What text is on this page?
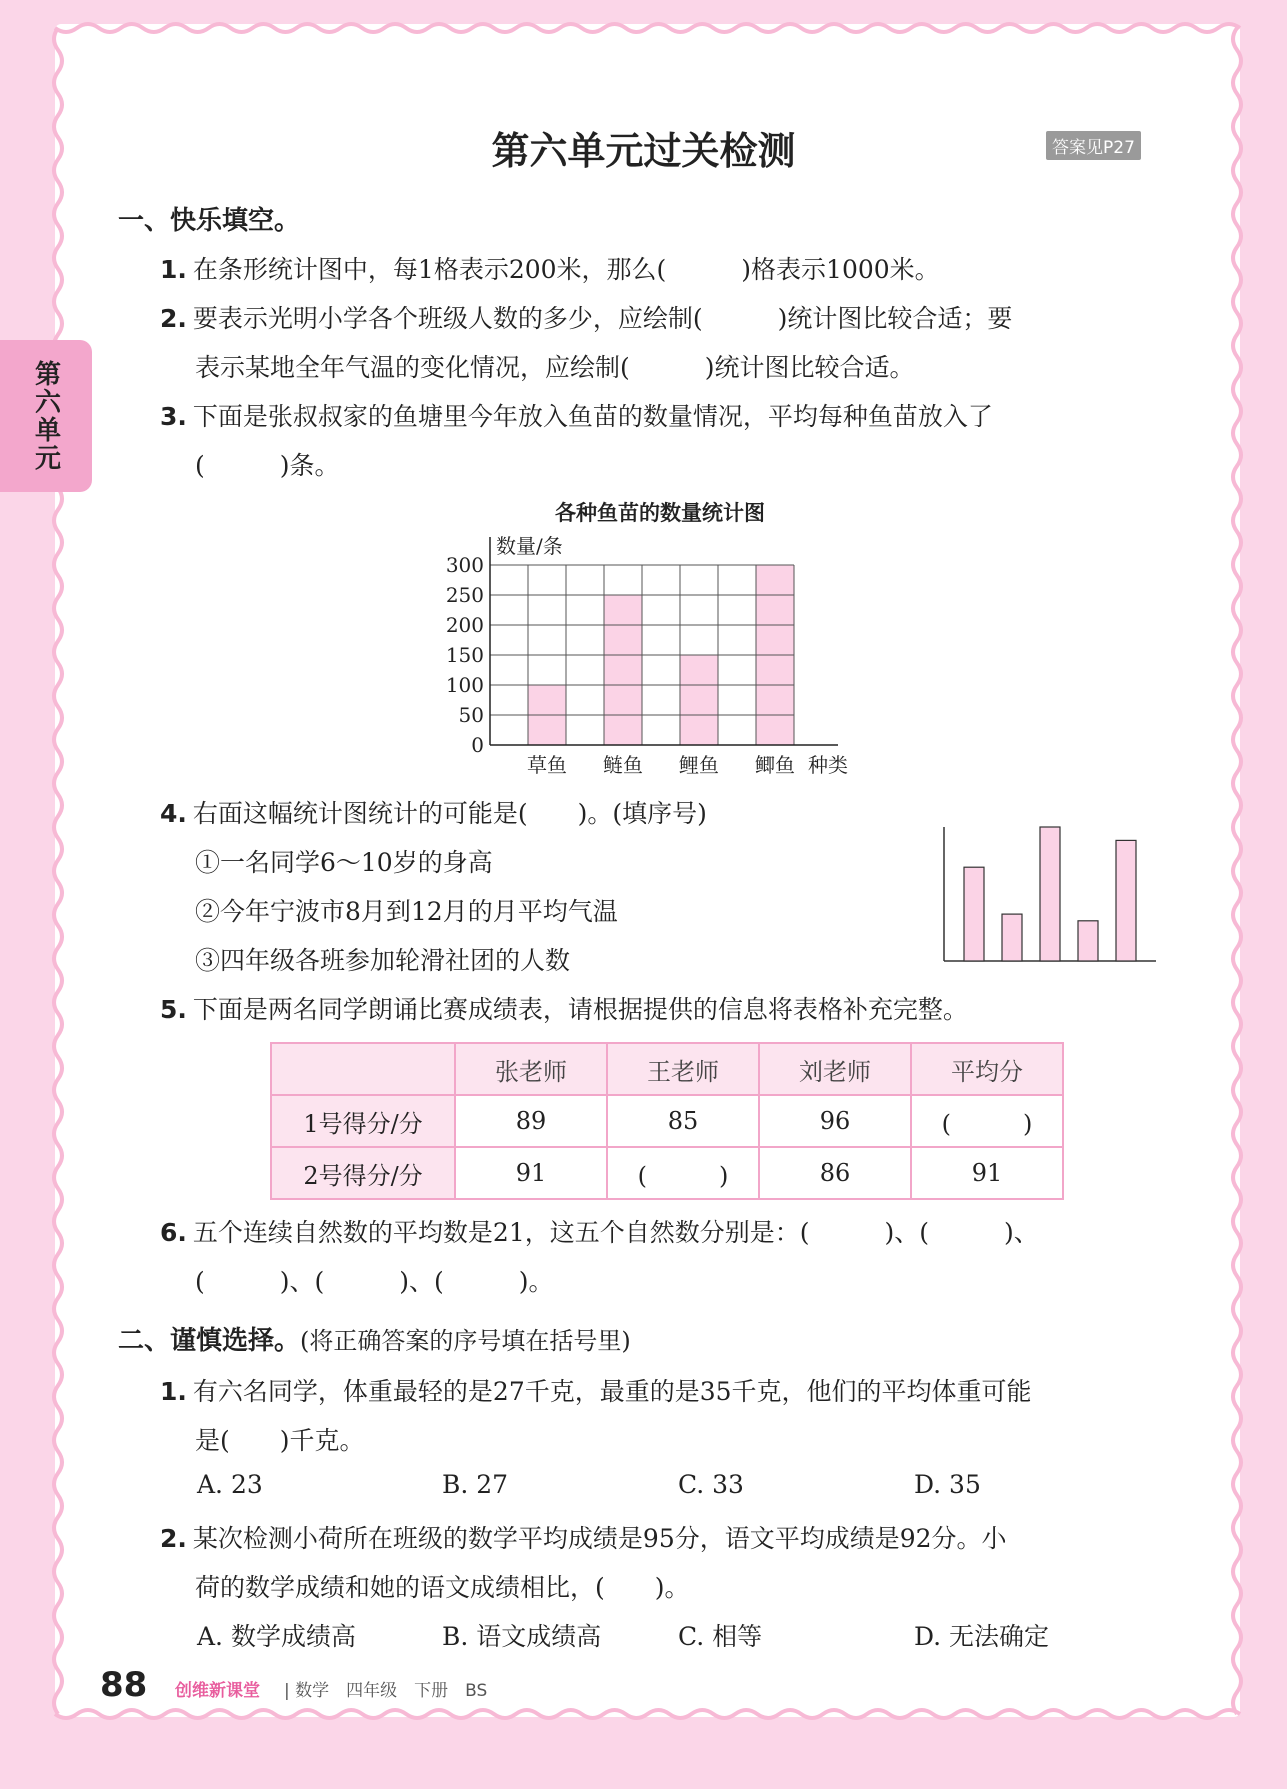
第六单元
第六单元过关检测	答案见P27
一、快乐填空。
1. 在条形统计图中，每1格表示200米，那么(　　　)格表示1000米。
2. 要表示光明小学各个班级人数的多少，应绘制(　　　)统计图比较合适；要
表示某地全年气温的变化情况，应绘制(　　　)统计图比较合适。
3. 下面是张叔叔家的鱼塘里今年放入鱼苗的数量情况，平均每种鱼苗放入了
(　　　)条。
各种鱼苗的数量统计图
0
50
100
150
200
250
300
数量/条
草鱼 鲢鱼 鲤鱼 鲫鱼 种类
4. 右面这幅统计图统计的可能是(　　)。(填序号)
①一名同学6～10岁的身高
②今年宁波市8月到12月的月平均气温
③四年级各班参加轮滑社团的人数
5. 下面是两名同学朗诵比赛成绩表，请根据提供的信息将表格补充完整。
	张老师	王老师	刘老师	平均分
1号得分/分	89	85	96	(　　　)
2号得分/分	91	(　　　)	86	91
6. 五个连续自然数的平均数是21，这五个自然数分别是：(　　　)、(　　　)、
(　　　)、(　　　)、(　　　)。
二、谨慎选择。(将正确答案的序号填在括号里)
1. 有六名同学，体重最轻的是27千克，最重的是35千克，他们的平均体重可能
是(　　)千克。
A. 23	B. 27	C. 33	D. 35
2. 某次检测小荷所在班级的数学平均成绩是95分，语文平均成绩是92分。小
荷的数学成绩和她的语文成绩相比，(　　)。
A. 数学成绩高	B. 语文成绩高	C. 相等	D. 无法确定
88 创维新课堂 | 数学　四年级　下册　BS
